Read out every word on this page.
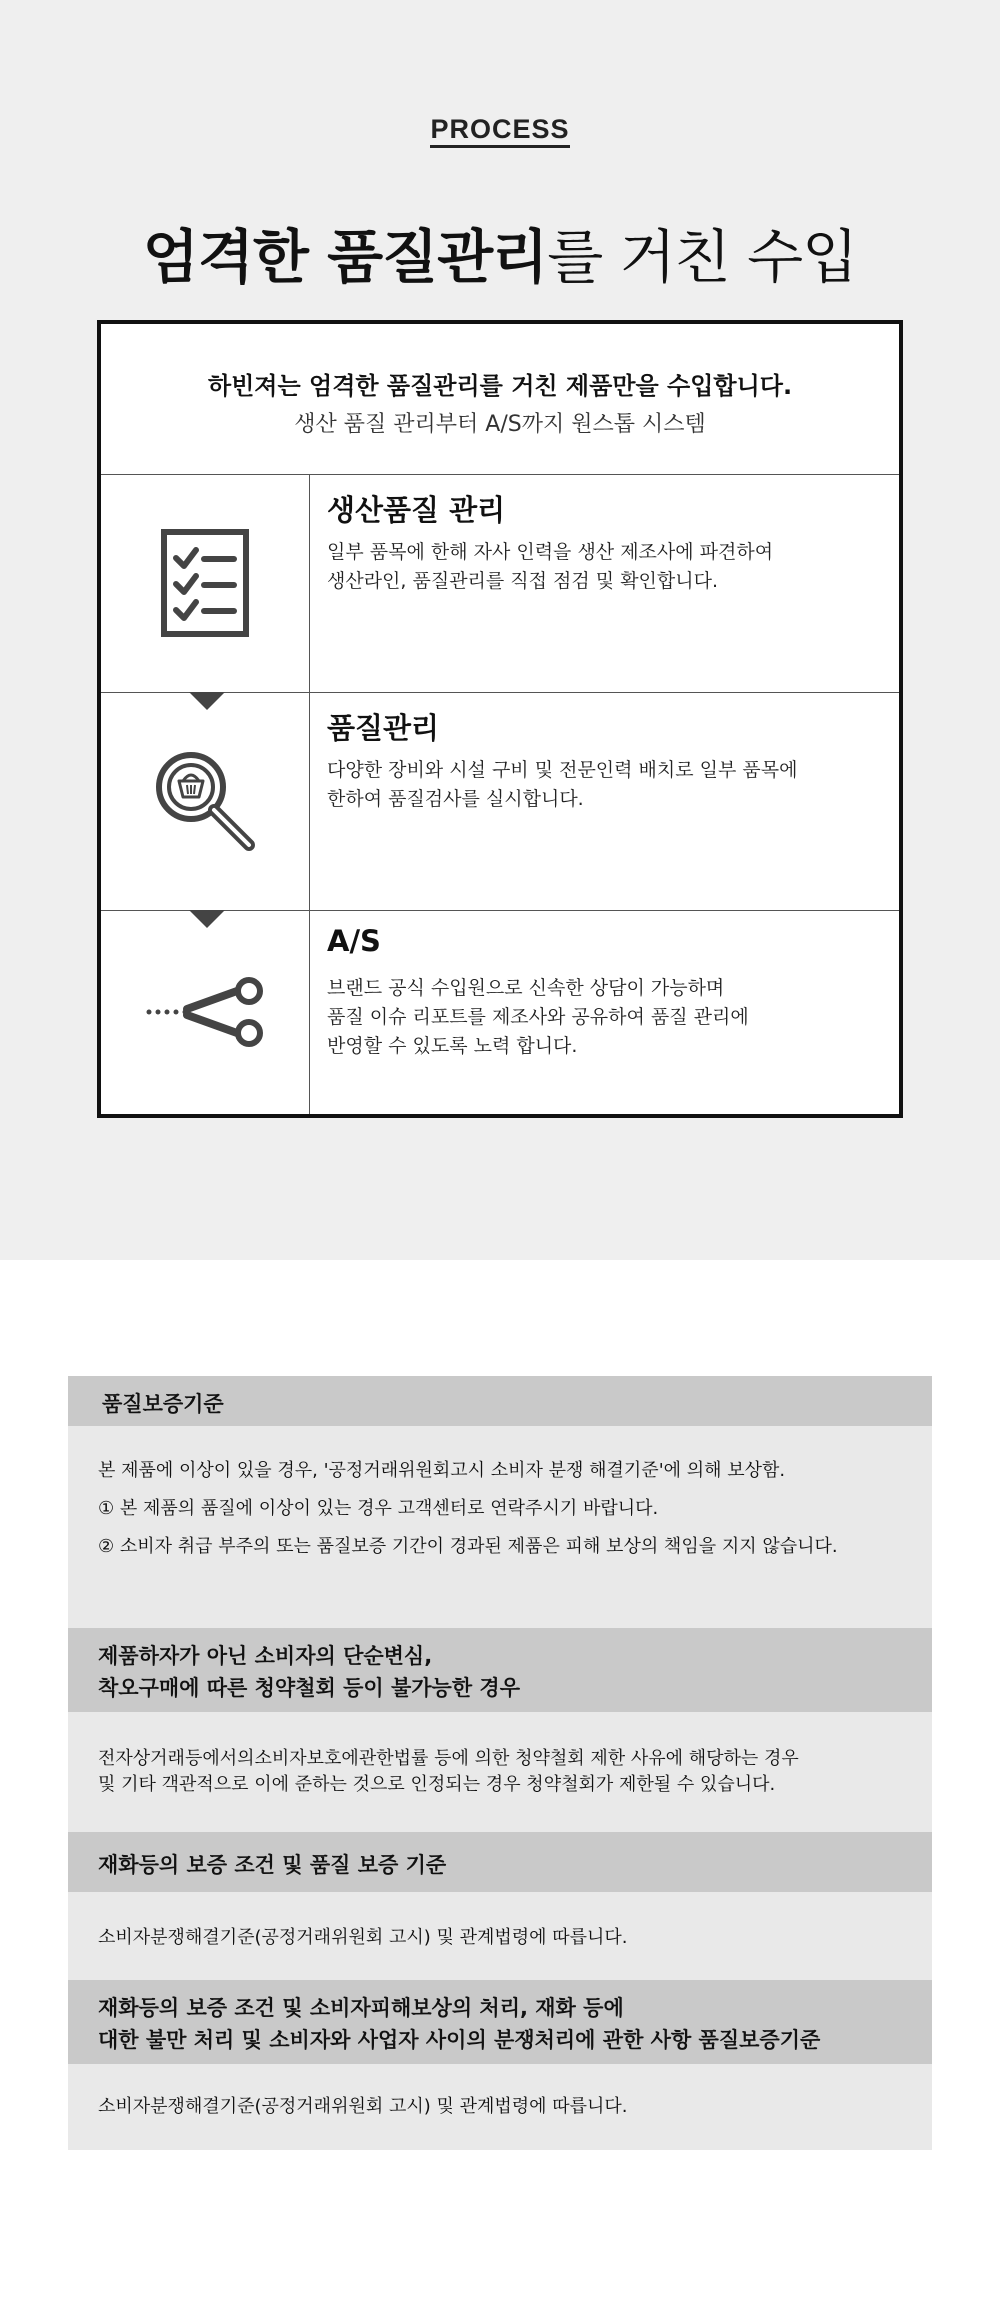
PROCESS
엄격한 품질관리를 거친 수입
하빈져는 엄격한 품질관리를 거친 제품만을 수입합니다.
생산 품질 관리부터 A/S까지 원스톱 시스템
생산품질 관리
일부 품목에 한해 자사 인력을 생산 제조사에 파견하여
생산라인, 품질관리를 직접 점검 및 확인합니다.
품질관리
다양한 장비와 시설 구비 및 전문인력 배치로 일부 품목에
한하여 품질검사를 실시합니다.
A/S
브랜드 공식 수입원으로 신속한 상담이 가능하며
품질 이슈 리포트를 제조사와 공유하여 품질 관리에
반영할 수 있도록 노력 합니다.
품질보증기준
본 제품에 이상이 있을 경우, '공정거래위원회고시 소비자 분쟁 해결기준'에 의해 보상함.
① 본 제품의 품질에 이상이 있는 경우 고객센터로 연락주시기 바랍니다.
② 소비자 취급 부주의 또는 품질보증 기간이 경과된 제품은 피해 보상의 책임을 지지 않습니다.
제품하자가 아닌 소비자의 단순변심,
착오구매에 따른 청약철회 등이 불가능한 경우
전자상거래등에서의소비자보호에관한법률 등에 의한 청약철회 제한 사유에 해당하는 경우
및 기타 객관적으로 이에 준하는 것으로 인정되는 경우 청약철회가 제한될 수 있습니다.
재화등의 보증 조건 및 품질 보증 기준
소비자분쟁해결기준(공정거래위원회 고시) 및 관계법령에 따릅니다.
재화등의 보증 조건 및 소비자피해보상의 처리, 재화 등에
대한 불만 처리 및 소비자와 사업자 사이의 분쟁처리에 관한 사항 품질보증기준
소비자분쟁해결기준(공정거래위원회 고시) 및 관계법령에 따릅니다.
